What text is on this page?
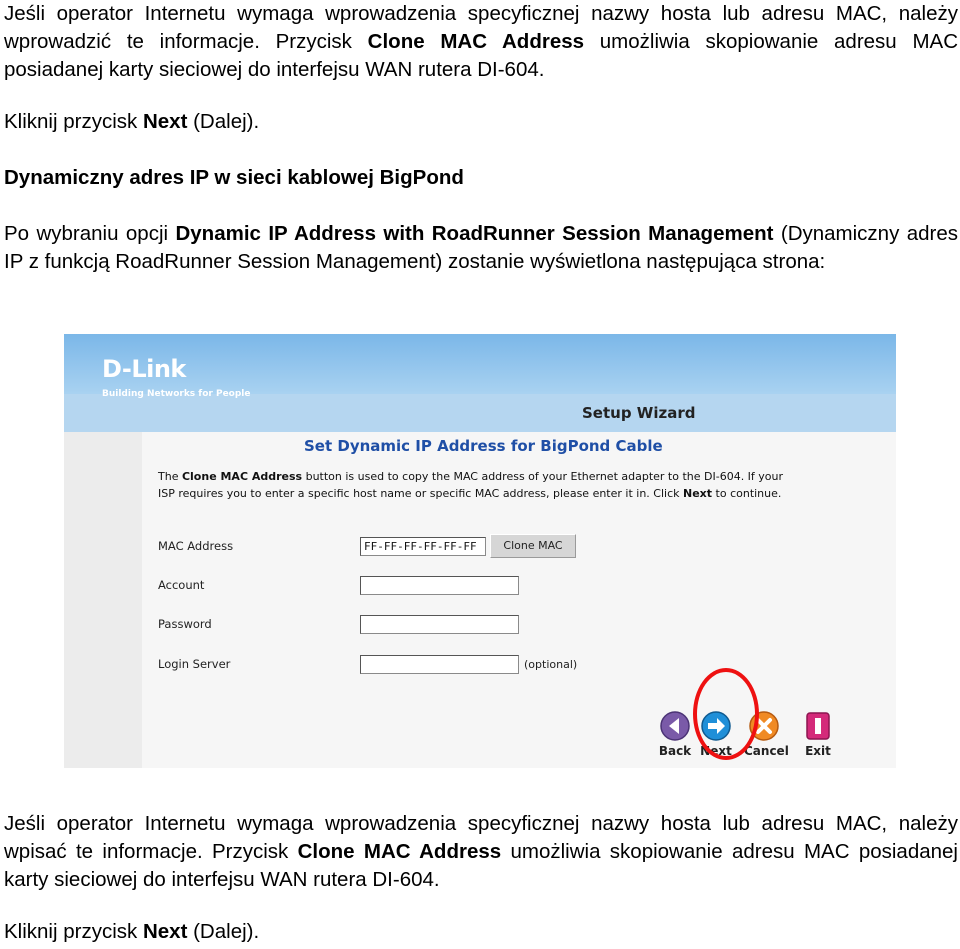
Jeśli operator Internetu wymaga wprowadzenia specyficznej nazwy hosta lub adresu MAC, należy wprowadzić te informacje. Przycisk Clone MAC Address umożliwia skopiowanie adresu MAC posiadanej karty sieciowej do interfejsu WAN rutera DI-604.

Kliknij przycisk Next (Dalej).

Dynamiczny adres IP w sieci kablowej BigPond

Po wybraniu opcji Dynamic IP Address with RoadRunner Session Management (Dynamiczny adres IP z funkcją RoadRunner Session Management) zostanie wyświetlona następująca strona:

D-Link
Building Networks for People
Setup Wizard
Set Dynamic IP Address for BigPond Cable
The Clone MAC Address button is used to copy the MAC address of your Ethernet adapter to the DI-604. If your ISP requires you to enter a specific host name or specific MAC address, please enter it in. Click Next to continue.
MAC Address	FF-FF-FF-FF-FF-FF	Clone MAC
Account
Password
Login Server	(optional)
Back Next	Cancel	Exit

Jeśli operator Internetu wymaga wprowadzenia specyficznej nazwy hosta lub adresu MAC, należy wpisać te informacje. Przycisk Clone MAC Address umożliwia skopiowanie adresu MAC posiadanej karty sieciowej do interfejsu WAN rutera DI-604.

Kliknij przycisk Next (Dalej).
